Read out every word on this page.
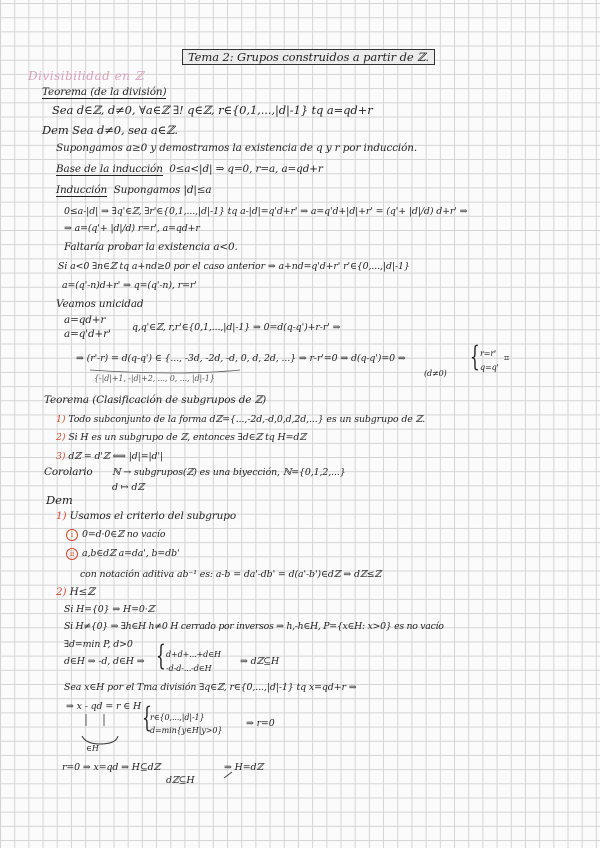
Tema 2: Grupos construidos a partir de ℤ.
Divisibilidad en ℤ
Teorema (de la división)
Sea d∈ℤ, d≠0, ∀a∈ℤ ∃! q∈ℤ, r∈{0,1,...,|d|-1} tq a=qd+r
Dem Sea d≠0, sea a∈ℤ.
Supongamos a≥0 y demostramos la existencia de q y r por inducción.
Base de la inducción 0≤a<|d| ⇒ q=0, r=a, a=qd+r
Inducción Supongamos |d|≤a
0≤a-|d| ⇒ ∃q'∈ℤ, ∃r'∈{0,1,...,|d|-1} tq a-|d|=q'd+r' ⇒ a=q'd+|d|+r' = (q'+ |d|/d) d+r' ⇒
⇒ a=(q'+ |d|/d) r=r', a=qd+r
Faltaría probar la existencia a<0.
Si a<0 ∃n∈ℤ tq a+nd≥0 por el caso anterior ⇒ a+nd=q'd+r' r'∈{0,...,|d|-1}
a=(q'-n)d+r' ⇒ q=(q'-n), r=r'
Veamos unicidad
a=qd+r
a=q'd+r'
q,q'∈ℤ, r,r'∈{0,1,...,|d|-1} ⇒ 0=d(q-q')+r-r' ⇒
⇒ (r'-r) = d(q-q') ∈ {..., -3d, -2d, -d, 0, d, 2d, ...} ⇒ r-r'=0 ⇒ d(q-q')=0 ⇒ { r=r'
q=q'
⌗
{-|d|+1, -|d|+2, ..., 0, ..., |d|-1}
(d≠0)
Teorema (Clasificación de subgrupos de ℤ)
1) Todo subconjunto de la forma dℤ={...,-2d,-d,0,d,2d,...} es un subgrupo de ℤ.
2) Si H es un subgrupo de ℤ, entonces ∃d∈ℤ tq H=dℤ
3) dℤ = d'ℤ ⟺ |d|=|d'|
Corolario ℕ → subgrupos(ℤ) es una biyección, ℕ={0,1,2,...}
d ↦ dℤ
Dem
1) Usamos el criterio del subgrupo
i 0=d·0∈ℤ no vacío
ii a,b∈dℤ a=da', b=db'
con notación aditiva ab⁻¹ es: a-b = da'-db' = d(a'-b')∈dℤ ⇒ dℤ≤ℤ
2) H≤ℤ
Si H={0} ⇒ H=0·ℤ
Si H≠{0} ⇒ ∃h∈H h≠0 H cerrado por inversos ⇒ h,-h∈H, P={x∈H: x>0} es no vacío
∃d=min P, d>0
d∈H ⇒ -d, d∈H ⇒ { d+d+...+d∈H
-d-d-...-d∈H
⇒ dℤ⊆H
Sea x∈H por el Tma división ∃q∈ℤ, r∈{0,...,|d|-1} tq x=qd+r ⇒
⇒ x - qd = r ∈ H {
r∈{0,...,|d|-1}
d=min{y∈H|y>0}
⇒ r=0
∈H
r=0 ⇒ x=qd ⇒ H⊆dℤ
dℤ⊆H
⇒ H=dℤ
